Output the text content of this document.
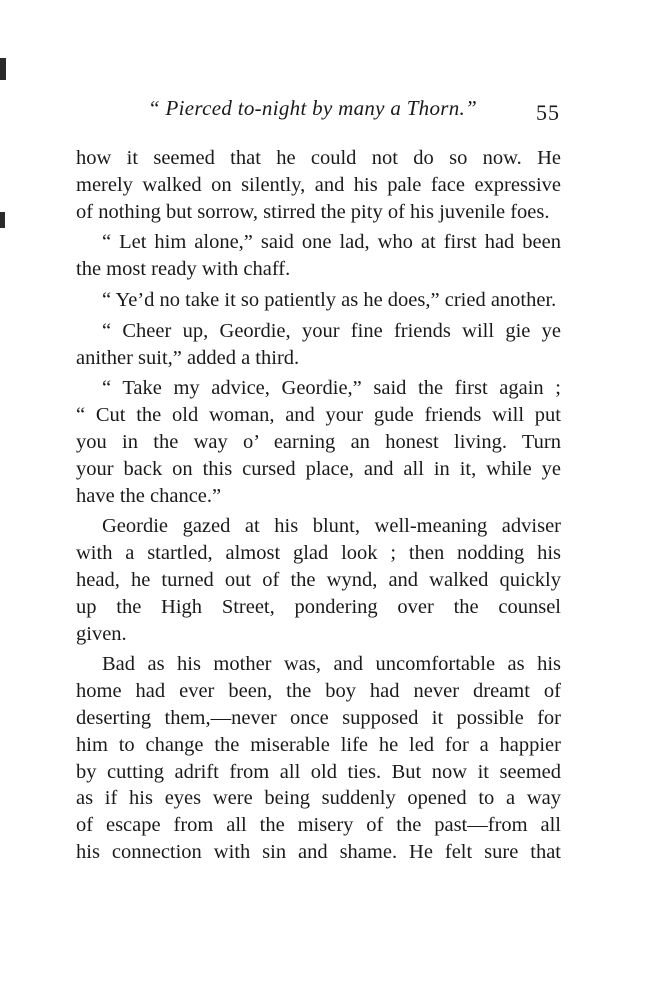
“ Pierced to-night by many a Thorn.”	55
how it seemed that he could not do so now. He
merely walked on silently, and his pale face expressive
of nothing but sorrow, stirred the pity of his juvenile foes.
“ Let him alone,” said one lad, who at first had been
the most ready with chaff.
“ Ye’d no take it so patiently as he does,” cried another.
“ Cheer up, Geordie, your fine friends will gie ye
anither suit,” added a third.
“ Take my advice, Geordie,” said the first again ;
“ Cut the old woman, and your gude friends will put
you in the way o’ earning an honest living. Turn
your back on this cursed place, and all in it, while ye
have the chance.”
Geordie gazed at his blunt, well-meaning adviser
with a startled, almost glad look ; then nodding his
head, he turned out of the wynd, and walked quickly
up the High Street, pondering over the counsel
given.
Bad as his mother was, and uncomfortable as his
home had ever been, the boy had never dreamt of
deserting them,—never once supposed it possible for
him to change the miserable life he led for a happier
by cutting adrift from all old ties. But now it seemed
as if his eyes were being suddenly opened to a way
of escape from all the misery of the past—from all
his connection with sin and shame. He felt sure that
